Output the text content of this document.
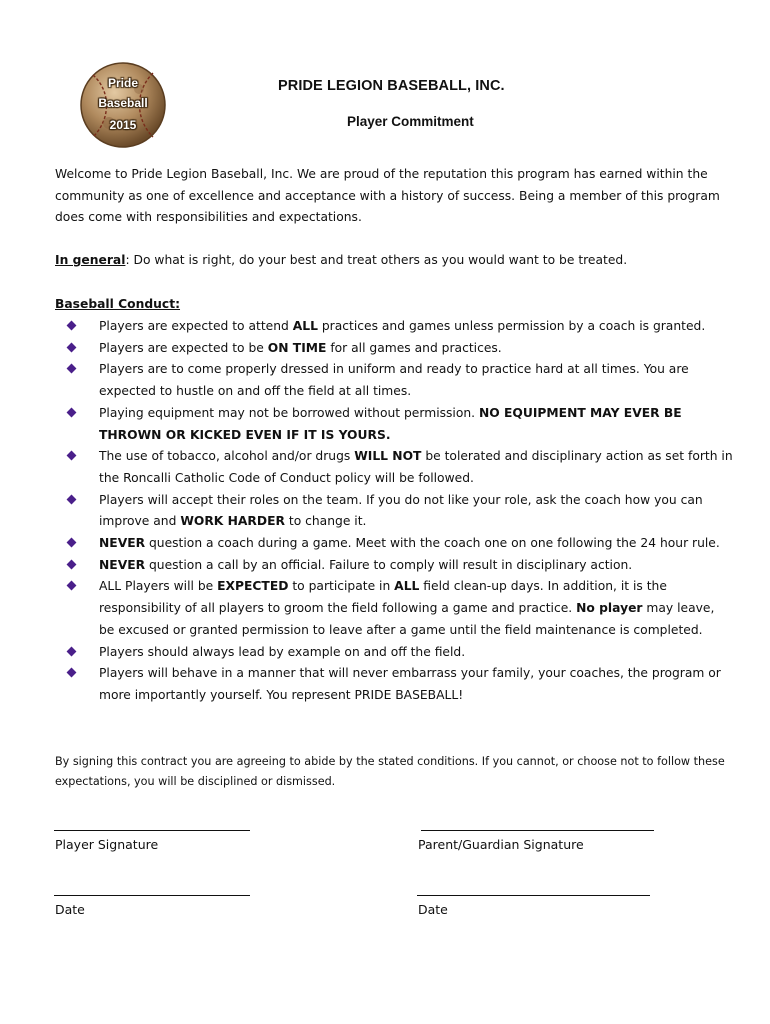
Pride
Baseball
2015
PRIDE LEGION BASEBALL, INC.
Player Commitment
Welcome to Pride Legion Baseball, Inc. We are proud of the reputation this program has earned within the community as one of excellence and acceptance with a history of success. Being a member of this program does come with responsibilities and expectations.
In general: Do what is right, do your best and treat others as you would want to be treated.
Baseball Conduct:
Players are expected to attend ALL practices and games unless permission by a coach is granted.
Players are expected to be ON TIME for all games and practices.
Players are to come properly dressed in uniform and ready to practice hard at all times. You are expected to hustle on and off the field at all times.
Playing equipment may not be borrowed without permission. NO EQUIPMENT MAY EVER BE THROWN OR KICKED EVEN IF IT IS YOURS.
The use of tobacco, alcohol and/or drugs WILL NOT be tolerated and disciplinary action as set forth in the Roncalli Catholic Code of Conduct policy will be followed.
Players will accept their roles on the team. If you do not like your role, ask the coach how you can improve and WORK HARDER to change it.
NEVER question a coach during a game. Meet with the coach one on one following the 24 hour rule.
NEVER question a call by an official. Failure to comply will result in disciplinary action.
ALL Players will be EXPECTED to participate in ALL field clean-up days. In addition, it is the responsibility of all players to groom the field following a game and practice. No player may leave, be excused or granted permission to leave after a game until the field maintenance is completed.
Players should always lead by example on and off the field.
Players will behave in a manner that will never embarrass your family, your coaches, the program or more importantly yourself. You represent PRIDE BASEBALL!
By signing this contract you are agreeing to abide by the stated conditions. If you cannot, or choose not to follow these expectations, you will be disciplined or dismissed.
Player Signature	Parent/Guardian Signature
Date	Date
